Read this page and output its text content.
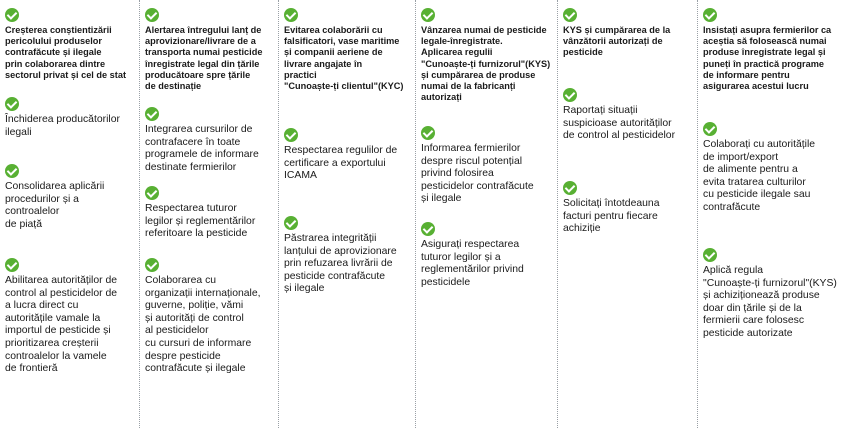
Creșterea conștientizării
pericolului produselor
contrafăcute și ilegale
prin colaborarea dintre
sectorul privat și cel de stat
Închiderea producătorilor
ilegali
Consolidarea aplicării
procedurilor și a
controalelor
de piață
Abilitarea autorităților de
control al pesticidelor de
a lucra direct cu
autoritățile vamale la
importul de pesticide și
prioritizarea creșterii
controalelor la vamele
de frontieră
Alertarea întregului lanț de
aprovizionare/livrare de a
transporta numai pesticide
înregistrate legal din țările
producătoare spre țările
de destinație
Integrarea cursurilor de
contrafacere în toate
programele de informare
destinate fermierilor
Respectarea tuturor
legilor și reglementărilor
referitoare la pesticide
Colaborarea cu
organizații internaționale,
guverne, poliție, vămi
și autorități de control
al pesticidelor
cu cursuri de informare
despre pesticide
contrafăcute și ilegale
Evitarea colaborării cu
falsificatori, vase maritime
și companii aeriene de
livrare angajate în
practici
"Cunoaște-ți clientul"(KYC)
Respectarea regulilor de
certificare a exportului
ICAMA
Păstrarea integrității
lanțului de aprovizionare
prin refuzarea livrării de
pesticide contrafăcute
și ilegale
Vânzarea numai de pesticide
legale-înregistrate.
Aplicarea regulii
"Cunoaște-ți furnizorul"(KYS)
și cumpărarea de produse
numai de la fabricanți
autorizați
Informarea fermierilor
despre riscul potențial
privind folosirea
pesticidelor contrafăcute
și ilegale
Asigurați respectarea
tuturor legilor și a
reglementărilor privind
pesticidele
KYS și cumpărarea de la
vânzătorii autorizați de
pesticide
Raportați situații
suspicioase autorităților
de control al pesticidelor
Solicitați întotdeauna
facturi pentru fiecare
achiziție
Insistați asupra fermierilor ca
aceștia să folosească numai
produse înregistrate legal și
puneți în practică programe
de informare pentru
asigurarea acestui lucru
Colaborați cu autoritățile
de import/export
de alimente pentru a
evita tratarea culturilor
cu pesticide ilegale sau
contrafăcute
Aplică regula
"Cunoaște-ți furnizorul"(KYS)
și achiziționează produse
doar din țările și de la
fermierii care folosesc
pesticide autorizate
